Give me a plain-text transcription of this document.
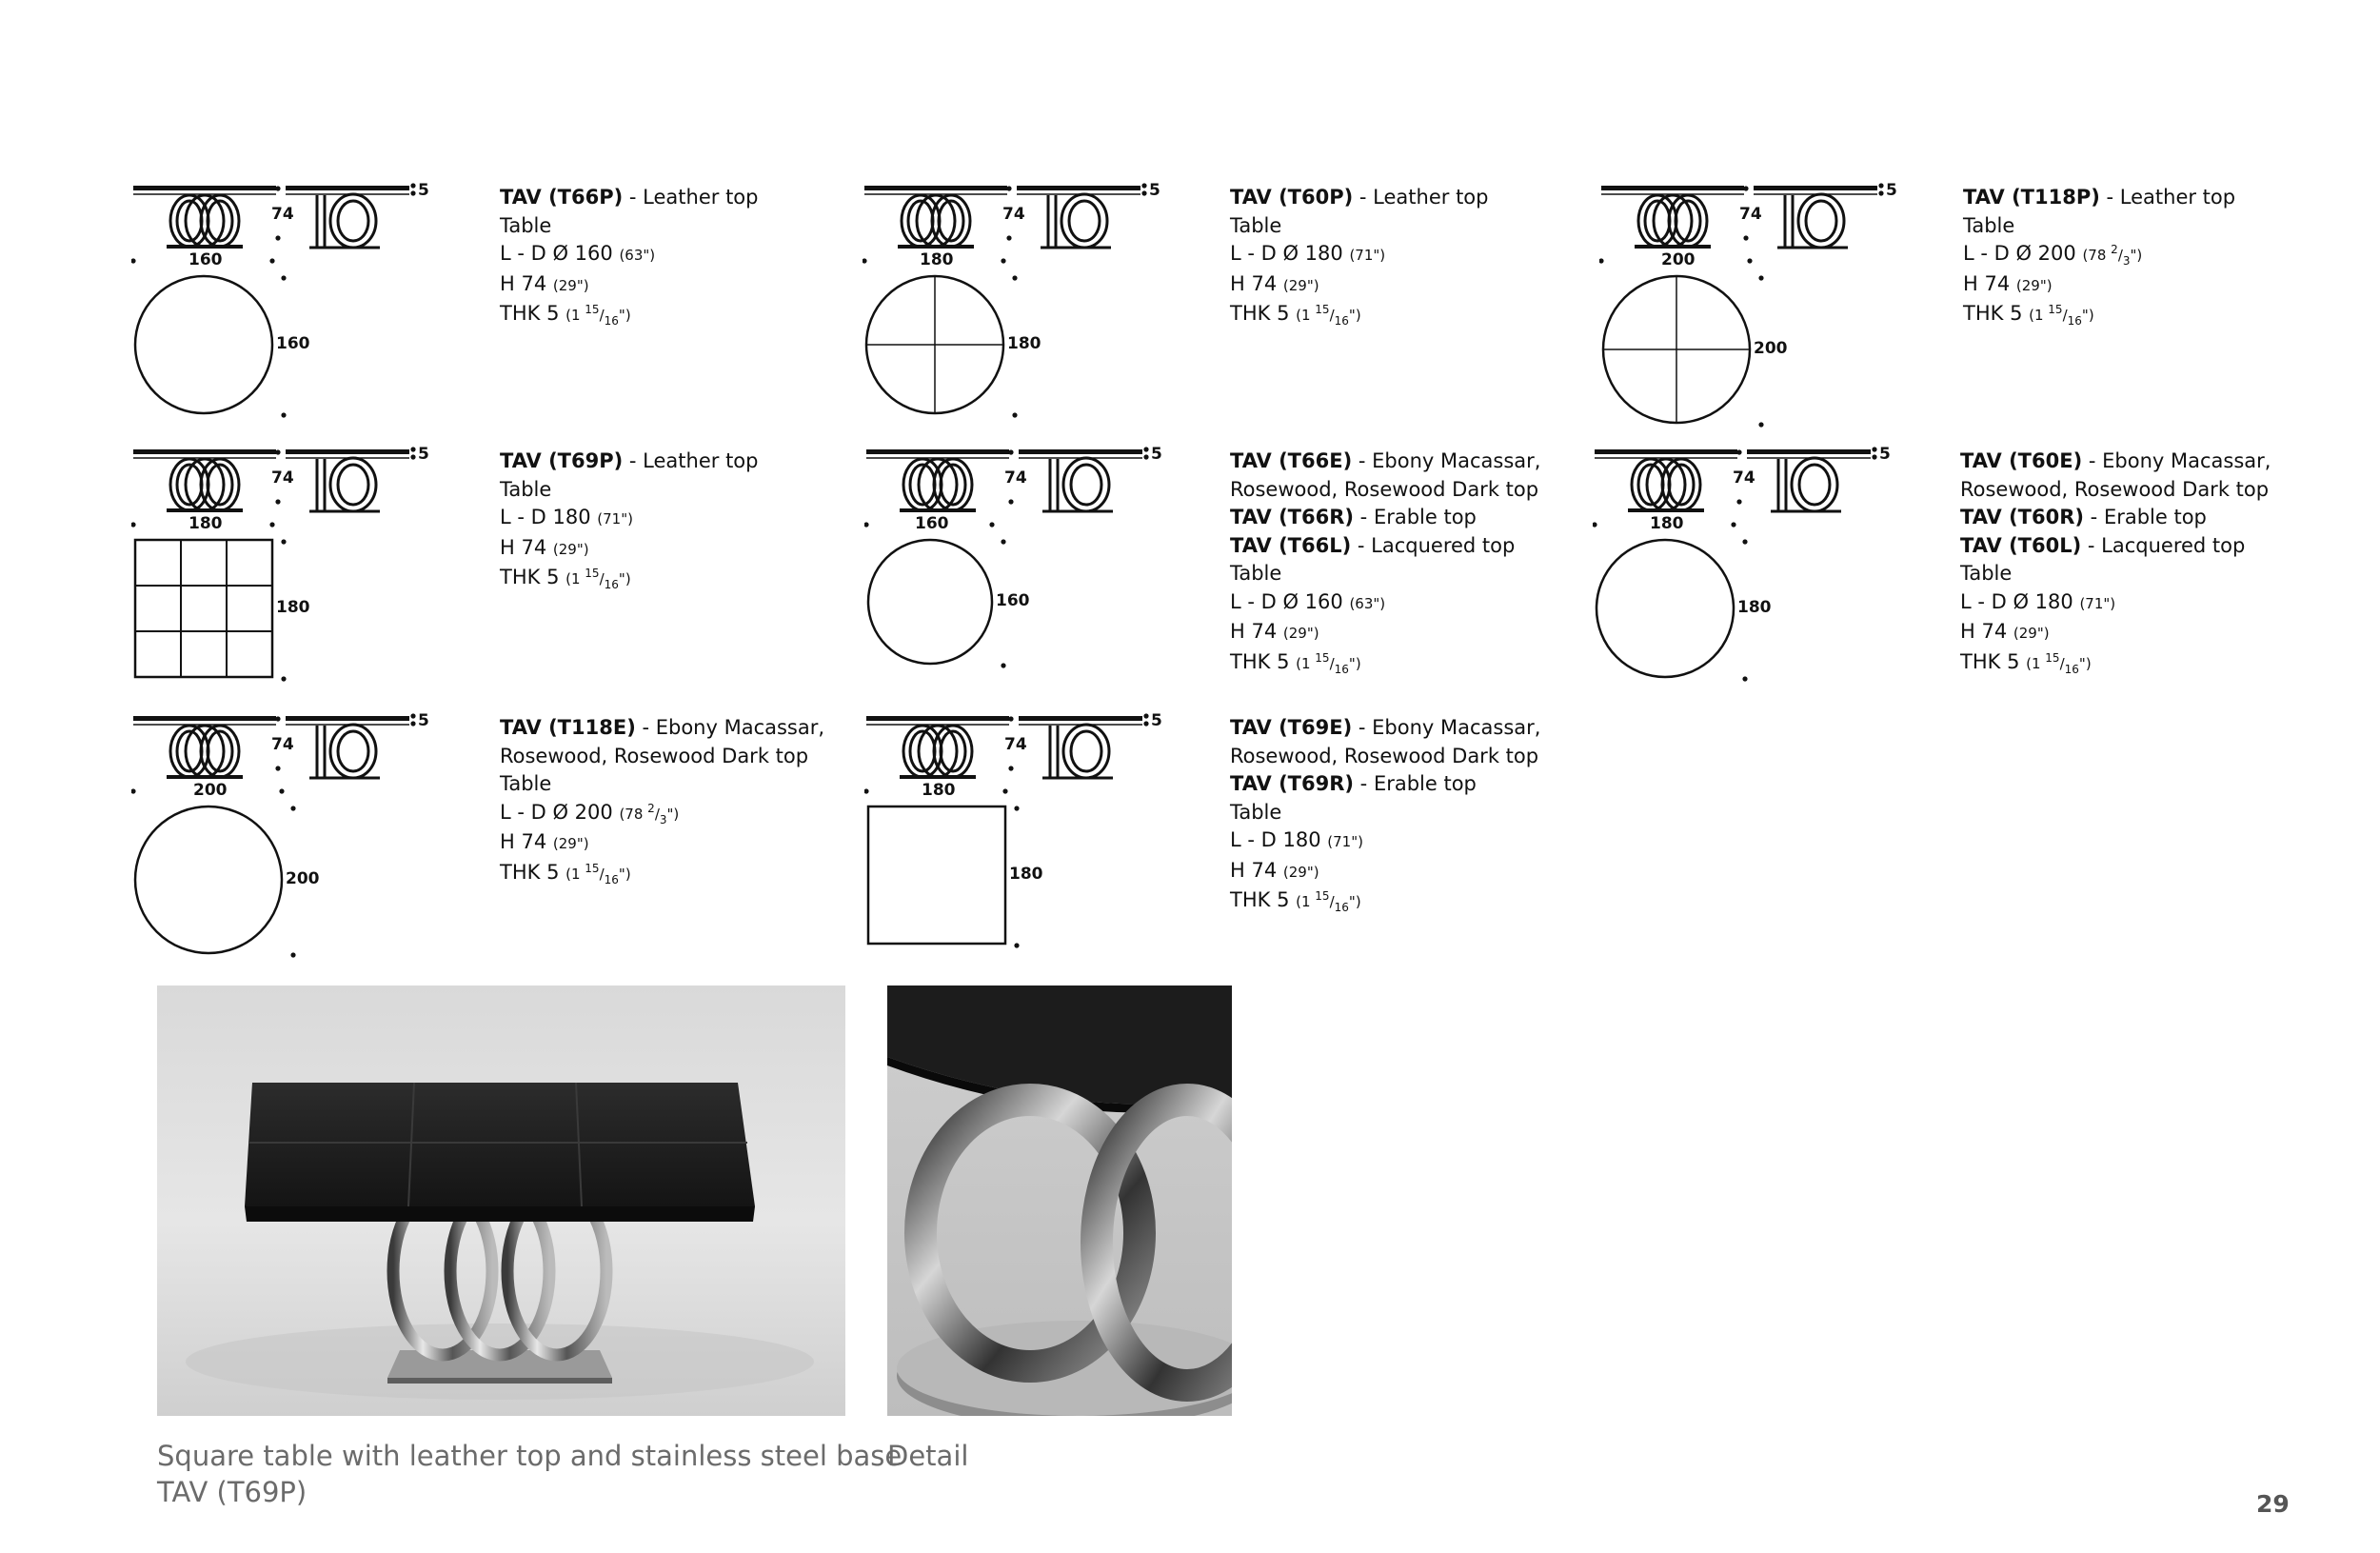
74
5
160
160
TAV (T66P) - Leather top
Table
L - D Ø 160 (63")
H 74 (29")
THK 5 (1 $^{15}/_{16}$")
74
5
180
180
TAV (T60P) - Leather top
Table
L - D Ø 180 (71")
H 74 (29")
THK 5 (1 $^{15}/_{16}$")
74
5
200
200
TAV (T118P) - Leather top
Table
L - D Ø 200 (78 $^2/_3$")
H 74 (29")
THK 5 (1 $^{15}/_{16}$")
74
5
180
180
TAV (T69P) - Leather top
Table
L - D 180 (71")
H 74 (29")
THK 5 (1 $^{15}/_{16}$")
74
5
160
160
TAV (T66E) - Ebony Macassar,
Rosewood, Rosewood Dark top
TAV (T66R) - Erable top
TAV (T66L) - Lacquered top
Table
L - D Ø 160 (63")
H 74 (29")
THK 5 (1 $^{15}/_{16}$")
74
5
180
180
TAV (T60E) - Ebony Macassar,
Rosewood, Rosewood Dark top
TAV (T60R) - Erable top
TAV (T60L) - Lacquered top
Table
L - D Ø 180 (71")
H 74 (29")
THK 5 (1 $^{15}/_{16}$")
74
5
200
200
TAV (T118E) - Ebony Macassar,
Rosewood, Rosewood Dark top
Table
L - D Ø 200 (78 $^2/_3$")
H 74 (29")
THK 5 (1 $^{15}/_{16}$")
74
5
180
180
TAV (T69E) - Ebony Macassar,
Rosewood, Rosewood Dark top
TAV (T69R) - Erable top
Table
L - D 180 (71")
H 74 (29")
THK 5 (1 $^{15}/_{16}$")
Square table with leather top and stainless steel base
TAV (T69P)
Detail
29
